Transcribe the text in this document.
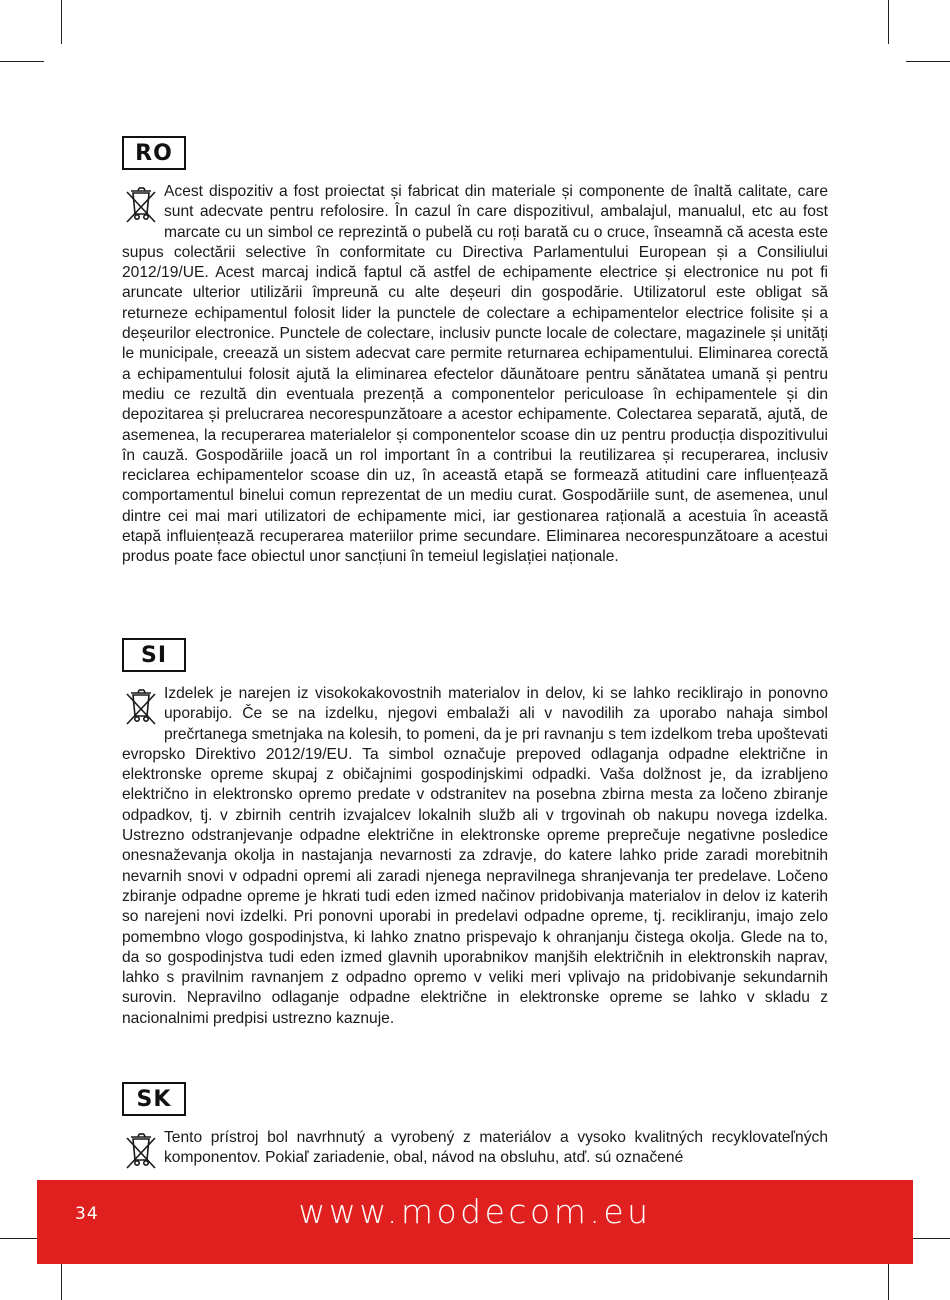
RO
Acest dispozitiv a fost proiectat și fabricat din materiale și componente de înaltă calitate, care sunt adecvate pentru refolosire. În cazul în care dispozitivul, ambalajul, manualul, etc au fost marcate cu un simbol ce reprezintă o pubelă cu roți barată cu o cruce, înseamnă că acesta este supus colectării selective în conformitate cu Directiva Parlamentului European și a Consiliului 2012/19/UE. Acest marcaj indică faptul că astfel de echipamente electrice și electronice nu pot fi aruncate ulterior utilizării împreună cu alte deșeuri din gospodărie. Utilizatorul este obligat să returneze echipamentul folosit lider la punctele de colectare a echipamentelor electrice folisite și a deșeurilor electronice. Punctele de colectare, inclusiv puncte locale de colectare, magazinele și unități le municipale, creează un sistem adecvat care permite returnarea echipamentului. Eliminarea corectă a echipamentului folosit ajută la eliminarea efectelor dăunătoare pentru sănătatea umană și pentru mediu ce rezultă din eventuala prezență a componentelor periculoase în echipamentele și din depozitarea și prelucrarea necorespunzătoare a acestor echipamente. Colectarea separată, ajută, de asemenea, la recuperarea materialelor și componentelor scoase din uz pentru producția dispozitivului în cauză. Gospodăriile joacă un rol important în a contribui la reutilizarea și recuperarea, inclusiv reciclarea echipamentelor scoase din uz, în această etapă se formează atitudini care influențează comportamentul binelui comun reprezentat de un mediu curat. Gospodăriile sunt, de asemenea, unul dintre cei mai mari utilizatori de echipamente mici, iar gestionarea rațională a acestuia în această etapă influiențează recuperarea materiilor prime secundare. Eliminarea necorespunzătoare a acestui produs poate face obiectul unor sancțiuni în temeiul legislației naționale.
SI
Izdelek je narejen iz visokokakovostnih materialov in delov, ki se lahko reciklirajo in ponovno uporabijo. Če se na izdelku, njegovi embalaži ali v navodilih za uporabo nahaja simbol prečrtanega smetnjaka na kolesih, to pomeni, da je pri ravnanju s tem izdelkom treba upoštevati evropsko Direktivo 2012/19/EU. Ta simbol označuje prepoved odlaganja odpadne električne in elektronske opreme skupaj z običajnimi gospodinjskimi odpadki. Vaša dolžnost je, da izrabljeno električno in elektronsko opremo predate v odstranitev na posebna zbirna mesta za ločeno zbiranje odpadkov, tj. v zbirnih centrih izvajalcev lokalnih služb ali v trgovinah ob nakupu novega izdelka. Ustrezno odstranjevanje odpadne električne in elektronske opreme preprečuje negativne posledice onesnaževanja okolja in nastajanja nevarnosti za zdravje, do katere lahko pride zaradi morebitnih nevarnih snovi v odpadni opremi ali zaradi njenega nepravilnega shranjevanja ter predelave. Ločeno zbiranje odpadne opreme je hkrati tudi eden izmed načinov pridobivanja materialov in delov iz katerih so narejeni novi izdelki. Pri ponovni uporabi in predelavi odpadne opreme, tj. recikliranju, imajo zelo pomembno vlogo gospodinjstva, ki lahko znatno prispevajo k ohranjanju čistega okolja. Glede na to, da so gospodinjstva tudi eden izmed glavnih uporabnikov manjših električnih in elektronskih naprav, lahko s pravilnim ravnanjem z odpadno opremo v veliki meri vplivajo na pridobivanje sekundarnih surovin. Nepravilno odlaganje odpadne električne in elektronske opreme se lahko v skladu z nacionalnimi predpisi ustrezno kaznuje.
SK
Tento prístroj bol navrhnutý a vyrobený z materiálov a vysoko kvalitných recyklovateľných komponentov. Pokiaľ zariadenie, obal, návod na obsluhu, atď. sú označené
34	www.modecom.eu
